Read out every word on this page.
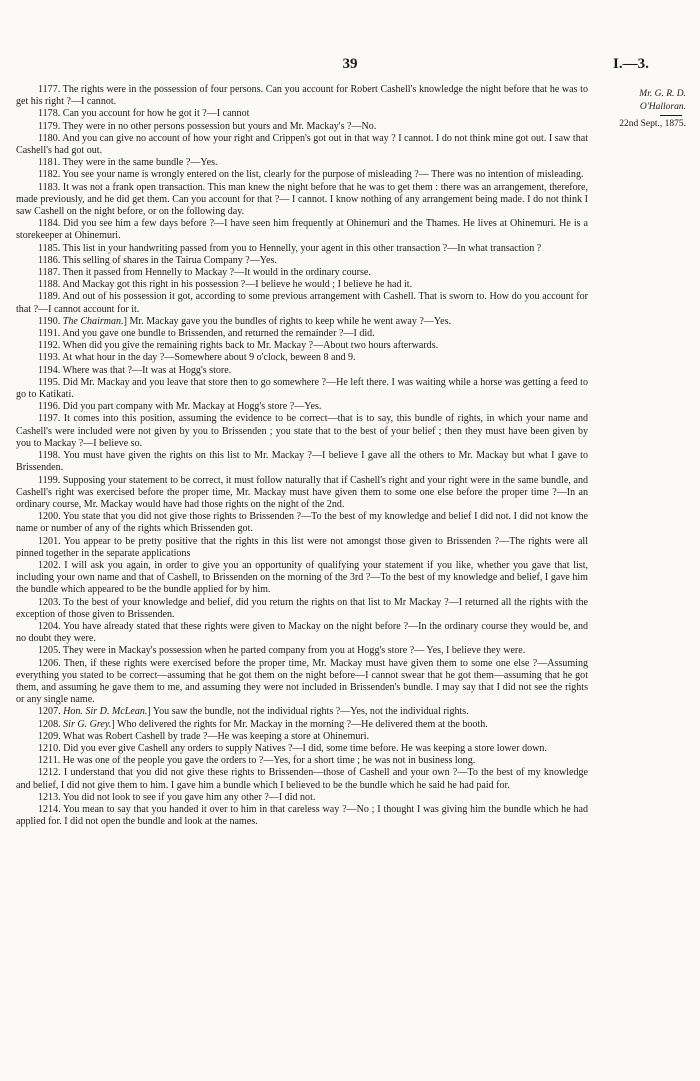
39	I.—3.
Mr. G. R. D. O'Halloran.
22nd Sept., 1875.

1177. The rights were in the possession of four persons. Can you account for Robert Cashell's knowledge the night before that he was to get his right ?—I cannot.

1178. Can you account for how he got it ?—I cannot

1179. They were in no other persons possession but yours and Mr. Mackay's ?—No.

1180. And you can give no account of how your right and Crippen's got out in that way ? I cannot. I do not think mine got out. I saw that Cashell's had got out.

1181. They were in the same bundle ?—Yes.

1182. You see your name is wrongly entered on the list, clearly for the purpose of misleading ?— There was no intention of misleading.

1183. It was not a frank open transaction. This man knew the night before that he was to get them : there was an arrangement, therefore, made previously, and he did get them. Can you account for that ?— I cannot. I know nothing of any arrangement being made. I do not think I saw Cashell on the night before, or on the following day.

1184. Did you see him a few days before ?—I have seen him frequently at Ohinemuri and the Thames. He lives at Ohinemuri. He is a storekeeper at Ohinemuri.

1185. This list in your handwriting passed from you to Hennelly, your agent in this other transaction ?—In what transaction ?

1186. This selling of shares in the Tairua Company ?—Yes.

1187. Then it passed from Hennelly to Mackay ?—It would in the ordinary course.

1188. And Mackay got this right in his possession ?—I believe he would ; I believe he had it.

1189. And out of his possession it got, according to some previous arrangement with Cashell. That is sworn to. How do you account for that ?—I cannot account for it.

1190. The Chairman.] Mr. Mackay gave you the bundles of rights to keep while he went away ?—Yes.

1191. And you gave one bundle to Brissenden, and returned the remainder ?—I did.

1192. When did you give the remaining rights back to Mr. Mackay ?—About two hours afterwards.

1193. At what hour in the day ?—Somewhere about 9 o'clock, beween 8 and 9.

1194. Where was that ?—It was at Hogg's store.

1195. Did Mr. Mackay and you leave that store then to go somewhere ?—He left there. I was waiting while a horse was getting a feed to go to Katikati.

1196. Did you part company with Mr. Mackay at Hogg's store ?—Yes.

1197. It comes into this position, assuming the evidence to be correct—that is to say, this bundle of rights, in which your name and Cashell's were included were not given by you to Brissenden ; you state that to the best of your belief ; then they must have been given by you to Mackay ?—I believe so.

1198. You must have given the rights on this list to Mr. Mackay ?—I believe I gave all the others to Mr. Mackay but what I gave to Brissenden.

1199. Supposing your statement to be correct, it must follow naturally that if Cashell's right and your right were in the same bundle, and Cashell's right was exercised before the proper time, Mr. Mackay must have given them to some one else before the proper time ?—In an ordinary course, Mr. Mackay would have had those rights on the night of the 2nd.

1200. You state that you did not give those rights to Brissenden ?—To the best of my knowledge and belief I did not. I did not know the name or number of any of the rights which Brissenden got.

1201. You appear to be pretty positive that the rights in this list were not amongst those given to Brissenden ?—The rights were all pinned together in the separate applications

1202. I will ask you again, in order to give you an opportunity of qualifying your statement if you like, whether you gave that list, including your own name and that of Cashell, to Brissenden on the morning of the 3rd ?—To the best of my knowledge and belief, I gave him the bundle which appeared to be the bundle applied for by him.

1203. To the best of your knowledge and belief, did you return the rights on that list to Mr Mackay ?—I returned all the rights with the exception of those given to Brissenden.

1204. You have already stated that these rights were given to Mackay on the night before ?—In the ordinary course they would be, and no doubt they were.

1205. They were in Mackay's possession when he parted company from you at Hogg's store ?— Yes, I believe they were.

1206. Then, if these rights were exercised before the proper time, Mr. Mackay must have given them to some one else ?—Assuming everything you stated to be correct—assuming that he got them on the night before—I cannot swear that he got them—assuming that he got them, and assuming he gave them to me, and assuming they were not included in Brissenden's bundle. I may say that I did not see the rights or any single name.

1207. Hon. Sir D. McLean.] You saw the bundle, not the individual rights ?—Yes, not the individual rights.

1208. Sir G. Grey.] Who delivered the rights for Mr. Mackay in the morning ?—He delivered them at the booth.

1209. What was Robert Cashell by trade ?—He was keeping a store at Ohinemuri.

1210. Did you ever give Cashell any orders to supply Natives ?—I did, some time before. He was keeping a store lower down.

1211. He was one of the people you gave the orders to ?—Yes, for a short time ; he was not in business long.

1212. I understand that you did not give these rights to Brissenden—those of Cashell and your own ?—To the best of my knowledge and belief, I did not give them to him. I gave him a bundle which I believed to be the bundle which he said he had paid for.

1213. You did not look to see if you gave him any other ?—I did not.

1214. You mean to say that you handed it over to him in that careless way ?—No ; I thought I was giving him the bundle which he had applied for. I did not open the bundle and look at the names.
